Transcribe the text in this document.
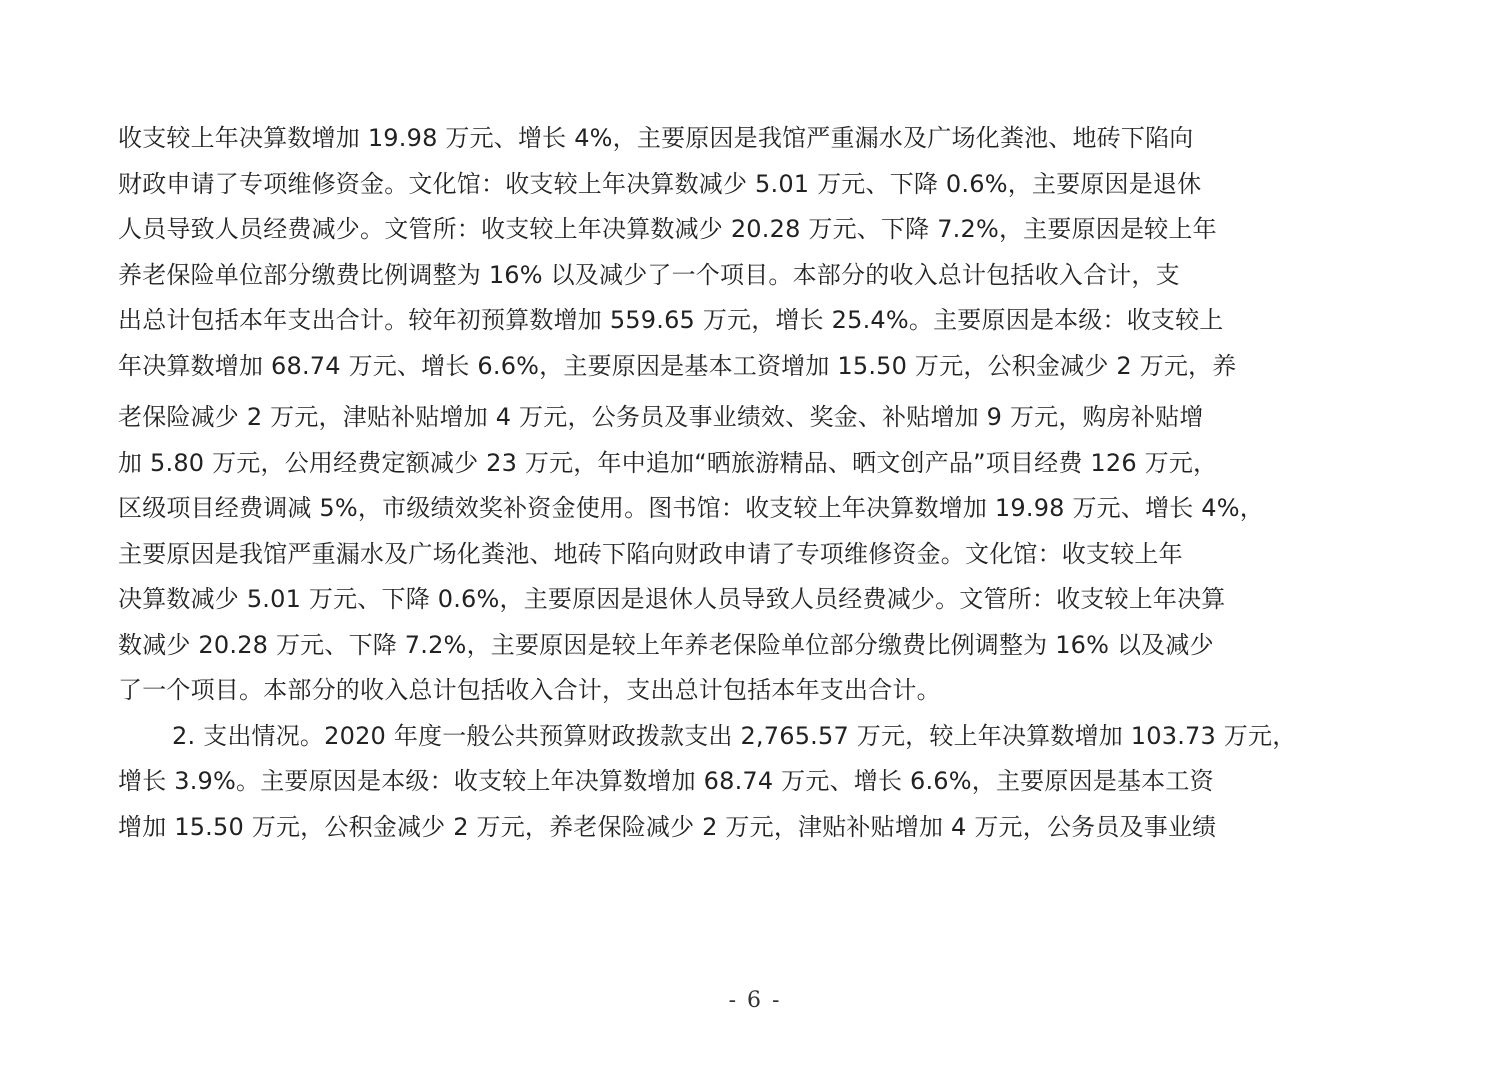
收支较上年决算数增加 19.98 万元、增长 4%，主要原因是我馆严重漏水及广场化粪池、地砖下陷向
财政申请了专项维修资金。文化馆：收支较上年决算数减少 5.01 万元、下降 0.6%，主要原因是退休
人员导致人员经费减少。文管所：收支较上年决算数减少 20.28 万元、下降 7.2%，主要原因是较上年
养老保险单位部分缴费比例调整为 16% 以及减少了一个项目。本部分的收入总计包括收入合计，支
出总计包括本年支出合计。较年初预算数增加 559.65 万元，增长 25.4%。主要原因是本级：收支较上
年决算数增加 68.74 万元、增长 6.6%，主要原因是基本工资增加 15.50 万元，公积金减少 2 万元，养
老保险减少 2 万元，津贴补贴增加 4 万元，公务员及事业绩效、奖金、补贴增加 9 万元，购房补贴增
加 5.80 万元，公用经费定额减少 23 万元，年中追加“晒旅游精品、晒文创产品”项目经费 126 万元，
区级项目经费调减 5%，市级绩效奖补资金使用。图书馆：收支较上年决算数增加 19.98 万元、增长 4%，
主要原因是我馆严重漏水及广场化粪池、地砖下陷向财政申请了专项维修资金。文化馆：收支较上年
决算数减少 5.01 万元、下降 0.6%，主要原因是退休人员导致人员经费减少。文管所：收支较上年决算
数减少 20.28 万元、下降 7.2%，主要原因是较上年养老保险单位部分缴费比例调整为 16% 以及减少
了一个项目。本部分的收入总计包括收入合计，支出总计包括本年支出合计。
2. 支出情况。2020 年度一般公共预算财政拨款支出 2,765.57 万元，较上年决算数增加 103.73 万元，
增长 3.9%。主要原因是本级：收支较上年决算数增加 68.74 万元、增长 6.6%，主要原因是基本工资
增加 15.50 万元，公积金减少 2 万元，养老保险减少 2 万元，津贴补贴增加 4 万元，公务员及事业绩
- 6 -
